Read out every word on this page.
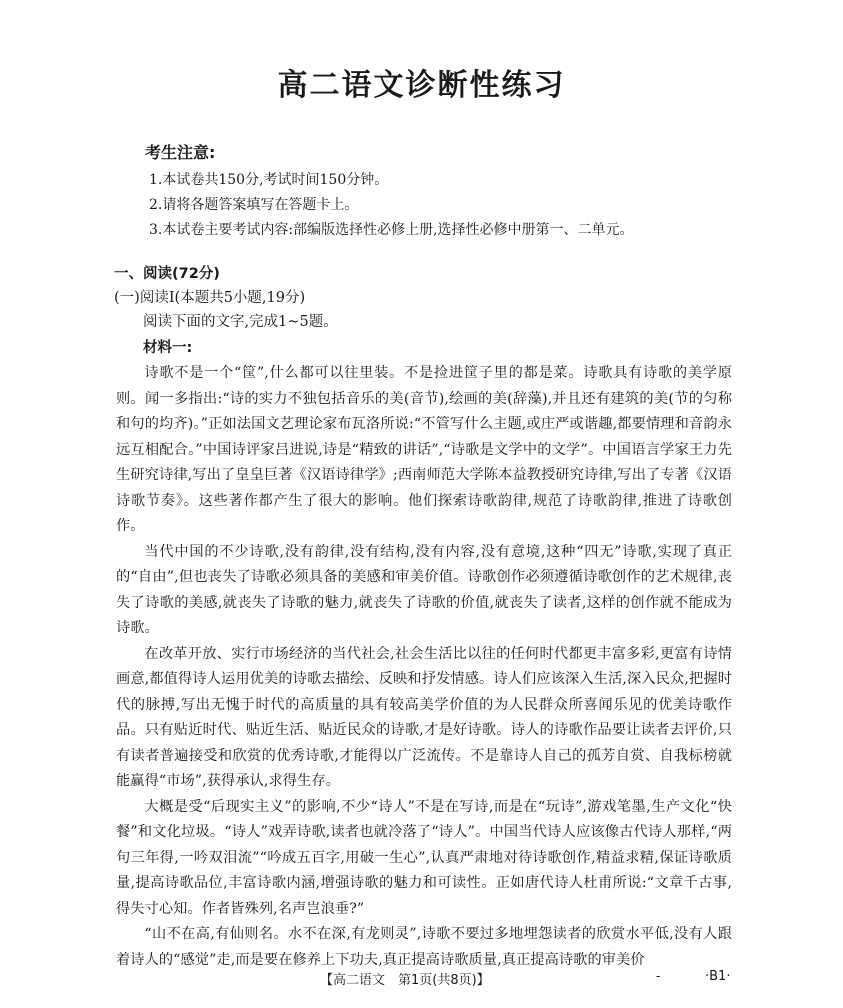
高二语文诊断性练习

考生注意:

1.本试卷共150分,考试时间150分钟。

2.请将各题答案填写在答题卡上。

3.本试卷主要考试内容:部编版选择性必修上册,选择性必修中册第一、二单元。

一、阅读(72分)

(一)阅读Ⅰ(本题共5小题,19分)

阅读下面的文字,完成1~5题。

材料一:

诗歌不是一个“筐”,什么都可以往里装。不是捡进筐子里的都是菜。诗歌具有诗歌的美学原则。闻一多指出:“诗的实力不独包括音乐的美(音节),绘画的美(辞藻),并且还有建筑的美(节的匀称和句的均齐)。”正如法国文艺理论家布瓦洛所说:“不管写什么主题,或庄严或谐趣,都要情理和音韵永远互相配合。”中国诗评家吕进说,诗是“精致的讲话”,“诗歌是文学中的文学”。中国语言学家王力先生研究诗律,写出了皇皇巨著《汉语诗律学》;西南师范大学陈本益教授研究诗律,写出了专著《汉语诗歌节奏》。这些著作都产生了很大的影响。他们探索诗歌韵律,规范了诗歌韵律,推进了诗歌创作。

当代中国的不少诗歌,没有韵律,没有结构,没有内容,没有意境,这种“四无”诗歌,实现了真正的“自由”,但也丧失了诗歌必须具备的美感和审美价值。诗歌创作必须遵循诗歌创作的艺术规律,丧失了诗歌的美感,就丧失了诗歌的魅力,就丧失了诗歌的价值,就丧失了读者,这样的创作就不能成为诗歌。

在改革开放、实行市场经济的当代社会,社会生活比以往的任何时代都更丰富多彩,更富有诗情画意,都值得诗人运用优美的诗歌去描绘、反映和抒发情感。诗人们应该深入生活,深入民众,把握时代的脉搏,写出无愧于时代的高质量的具有较高美学价值的为人民群众所喜闻乐见的优美诗歌作品。只有贴近时代、贴近生活、贴近民众的诗歌,才是好诗歌。诗人的诗歌作品要让读者去评价,只有读者普遍接受和欣赏的优秀诗歌,才能得以广泛流传。不是靠诗人自己的孤芳自赏、自我标榜就能赢得“市场”,获得承认,求得生存。

大概是受“后现实主义”的影响,不少“诗人”不是在写诗,而是在“玩诗”,游戏笔墨,生产文化“快餐”和文化垃圾。“诗人”戏弄诗歌,读者也就冷落了“诗人”。中国当代诗人应该像古代诗人那样,“两句三年得,一吟双泪流”“吟成五百字,用破一生心”,认真严肃地对待诗歌创作,精益求精,保证诗歌质量,提高诗歌品位,丰富诗歌内涵,增强诗歌的魅力和可读性。正如唐代诗人杜甫所说:“文章千古事,得失寸心知。作者皆殊列,名声岂浪垂?”

“山不在高,有仙则名。水不在深,有龙则灵”,诗歌不要过多地埋怨读者的欣赏水平低,没有人跟着诗人的“感觉”走,而是要在修养上下功夫,真正提高诗歌质量,真正提高诗歌的审美价

【高二语文　第1页(共8页)】	-	·B1·
